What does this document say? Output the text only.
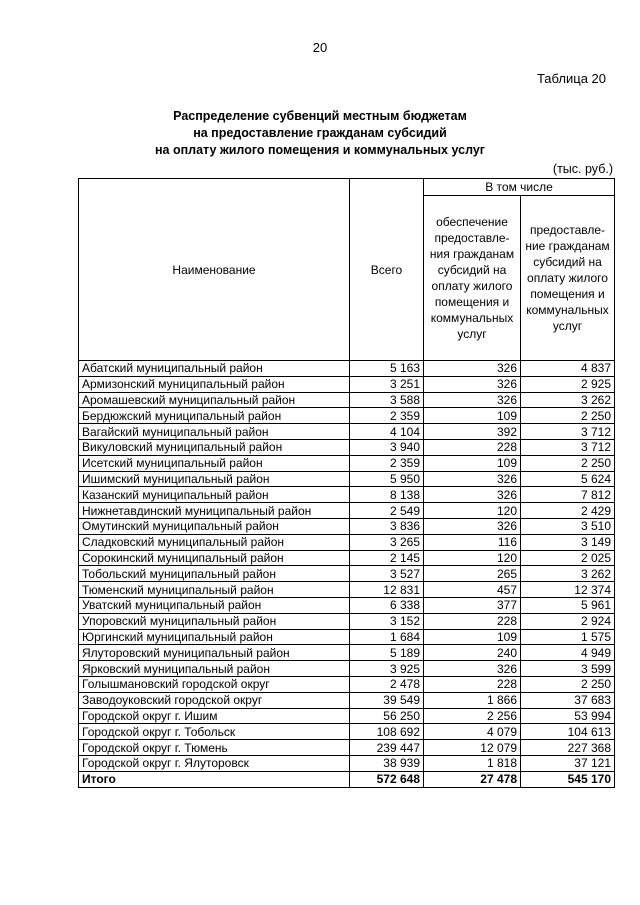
20
Таблица 20
Распределение субвенций местным бюджетам
на предоставление гражданам субсидий
на оплату жилого помещения и коммунальных услуг
(тыс. руб.)
Наименование	Всего	В том числе	
		обеспечение предоставле-ния гражданам субсидий на оплату жилого помещения и коммунальных услуг	предоставле-ние гражданам субсидий на оплату жилого помещения и коммунальных услуг
Абатский муниципальный район	5 163	326	4 837
Армизонский муниципальный район	3 251	326	2 925
Аромашевский муниципальный район	3 588	326	3 262
Бердюжский муниципальный район	2 359	109	2 250
Вагайский муниципальный район	4 104	392	3 712
Викуловский муниципальный район	3 940	228	3 712
Исетский муниципальный район	2 359	109	2 250
Ишимский муниципальный район	5 950	326	5 624
Казанский муниципальный район	8 138	326	7 812
Нижнетавдинский муниципальный район	2 549	120	2 429
Омутинский муниципальный район	3 836	326	3 510
Сладковский муниципальный район	3 265	116	3 149
Сорокинский муниципальный район	2 145	120	2 025
Тобольский муниципальный район	3 527	265	3 262
Тюменский муниципальный район	12 831	457	12 374
Уватский муниципальный район	6 338	377	5 961
Упоровский муниципальный район	3 152	228	2 924
Юргинский муниципальный район	1 684	109	1 575
Ялуторовский муниципальный район	5 189	240	4 949
Ярковский муниципальный район	3 925	326	3 599
Голышмановский городской округ	2 478	228	2 250
Заводоуковский городской округ	39 549	1 866	37 683
Городской округ г. Ишим	56 250	2 256	53 994
Городской округ г. Тобольск	108 692	4 079	104 613
Городской округ г. Тюмень	239 447	12 079	227 368
Городской округ г. Ялуторовск	38 939	1 818	37 121
Итого	572 648	27 478	545 170
